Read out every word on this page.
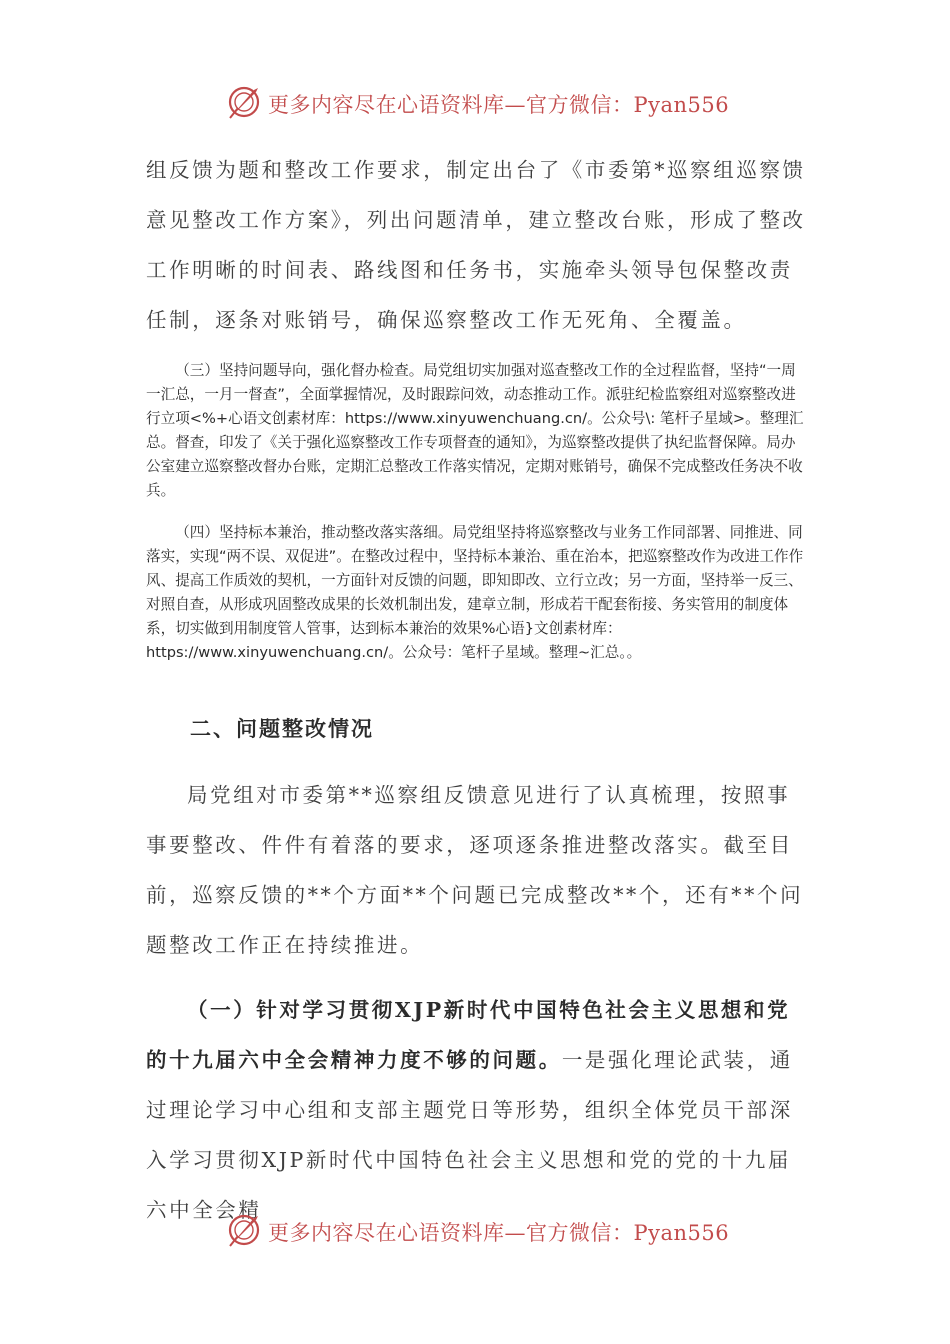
更多内容尽在心语资料库—官方微信：Pyan556

组反馈为题和整改工作要求，制定出台了《市委第*巡察组巡察馈意见整改工作方案》，列出问题清单，建立整改台账，形成了整改工作明晰的时间表、路线图和任务书，实施牵头领导包保整改责任制，逐条对账销号，确保巡察整改工作无死角、全覆盖。

（三）坚持问题导向，强化督办检查。局党组切实加强对巡查整改工作的全过程监督，坚持“一周一汇总，一月一督查”，全面掌握情况，及时跟踪问效，动态推动工作。派驻纪检监察组对巡察整改进行立项<%+心语文创素材库：https://www.xinyuwenchuang.cn/。公众号\: 笔杆子星域>。整理汇总。督查，印发了《关于强化巡察整改工作专项督查的通知》，为巡察整改提供了执纪监督保障。局办公室建立巡察整改督办台账，定期汇总整改工作落实情况，定期对账销号，确保不完成整改任务决不收兵。

（四）坚持标本兼治，推动整改落实落细。局党组坚持将巡察整改与业务工作同部署、同推进、同落实，实现“两不误、双促进”。在整改过程中，坚持标本兼治、重在治本，把巡察整改作为改进工作作风、提高工作质效的契机，一方面针对反馈的问题，即知即改、立行立改；另一方面，坚持举一反三、对照自查，从形成巩固整改成果的长效机制出发，建章立制，形成若干配套衔接、务实管用的制度体系，切实做到用制度管人管事，达到标本兼治的效果%心语}文创素材库：https://www.xinyuwenchuang.cn/。公众号：笔杆子星域。整理~汇总。。

二、问题整改情况

局党组对市委第**巡察组反馈意见进行了认真梳理，按照事事要整改、件件有着落的要求，逐项逐条推进整改落实。截至目前，巡察反馈的**个方面**个问题已完成整改**个，还有**个问题整改工作正在持续推进。

（一）针对学习贯彻XJP新时代中国特色社会主义思想和党的十九届六中全会精神力度不够的问题。一是强化理论武装，通过理论学习中心组和支部主题党日等形势，组织全体党员干部深入学习贯彻XJP新时代中国特色社会主义思想和党的党的十九届六中全会精

更多内容尽在心语资料库—官方微信：Pyan556
